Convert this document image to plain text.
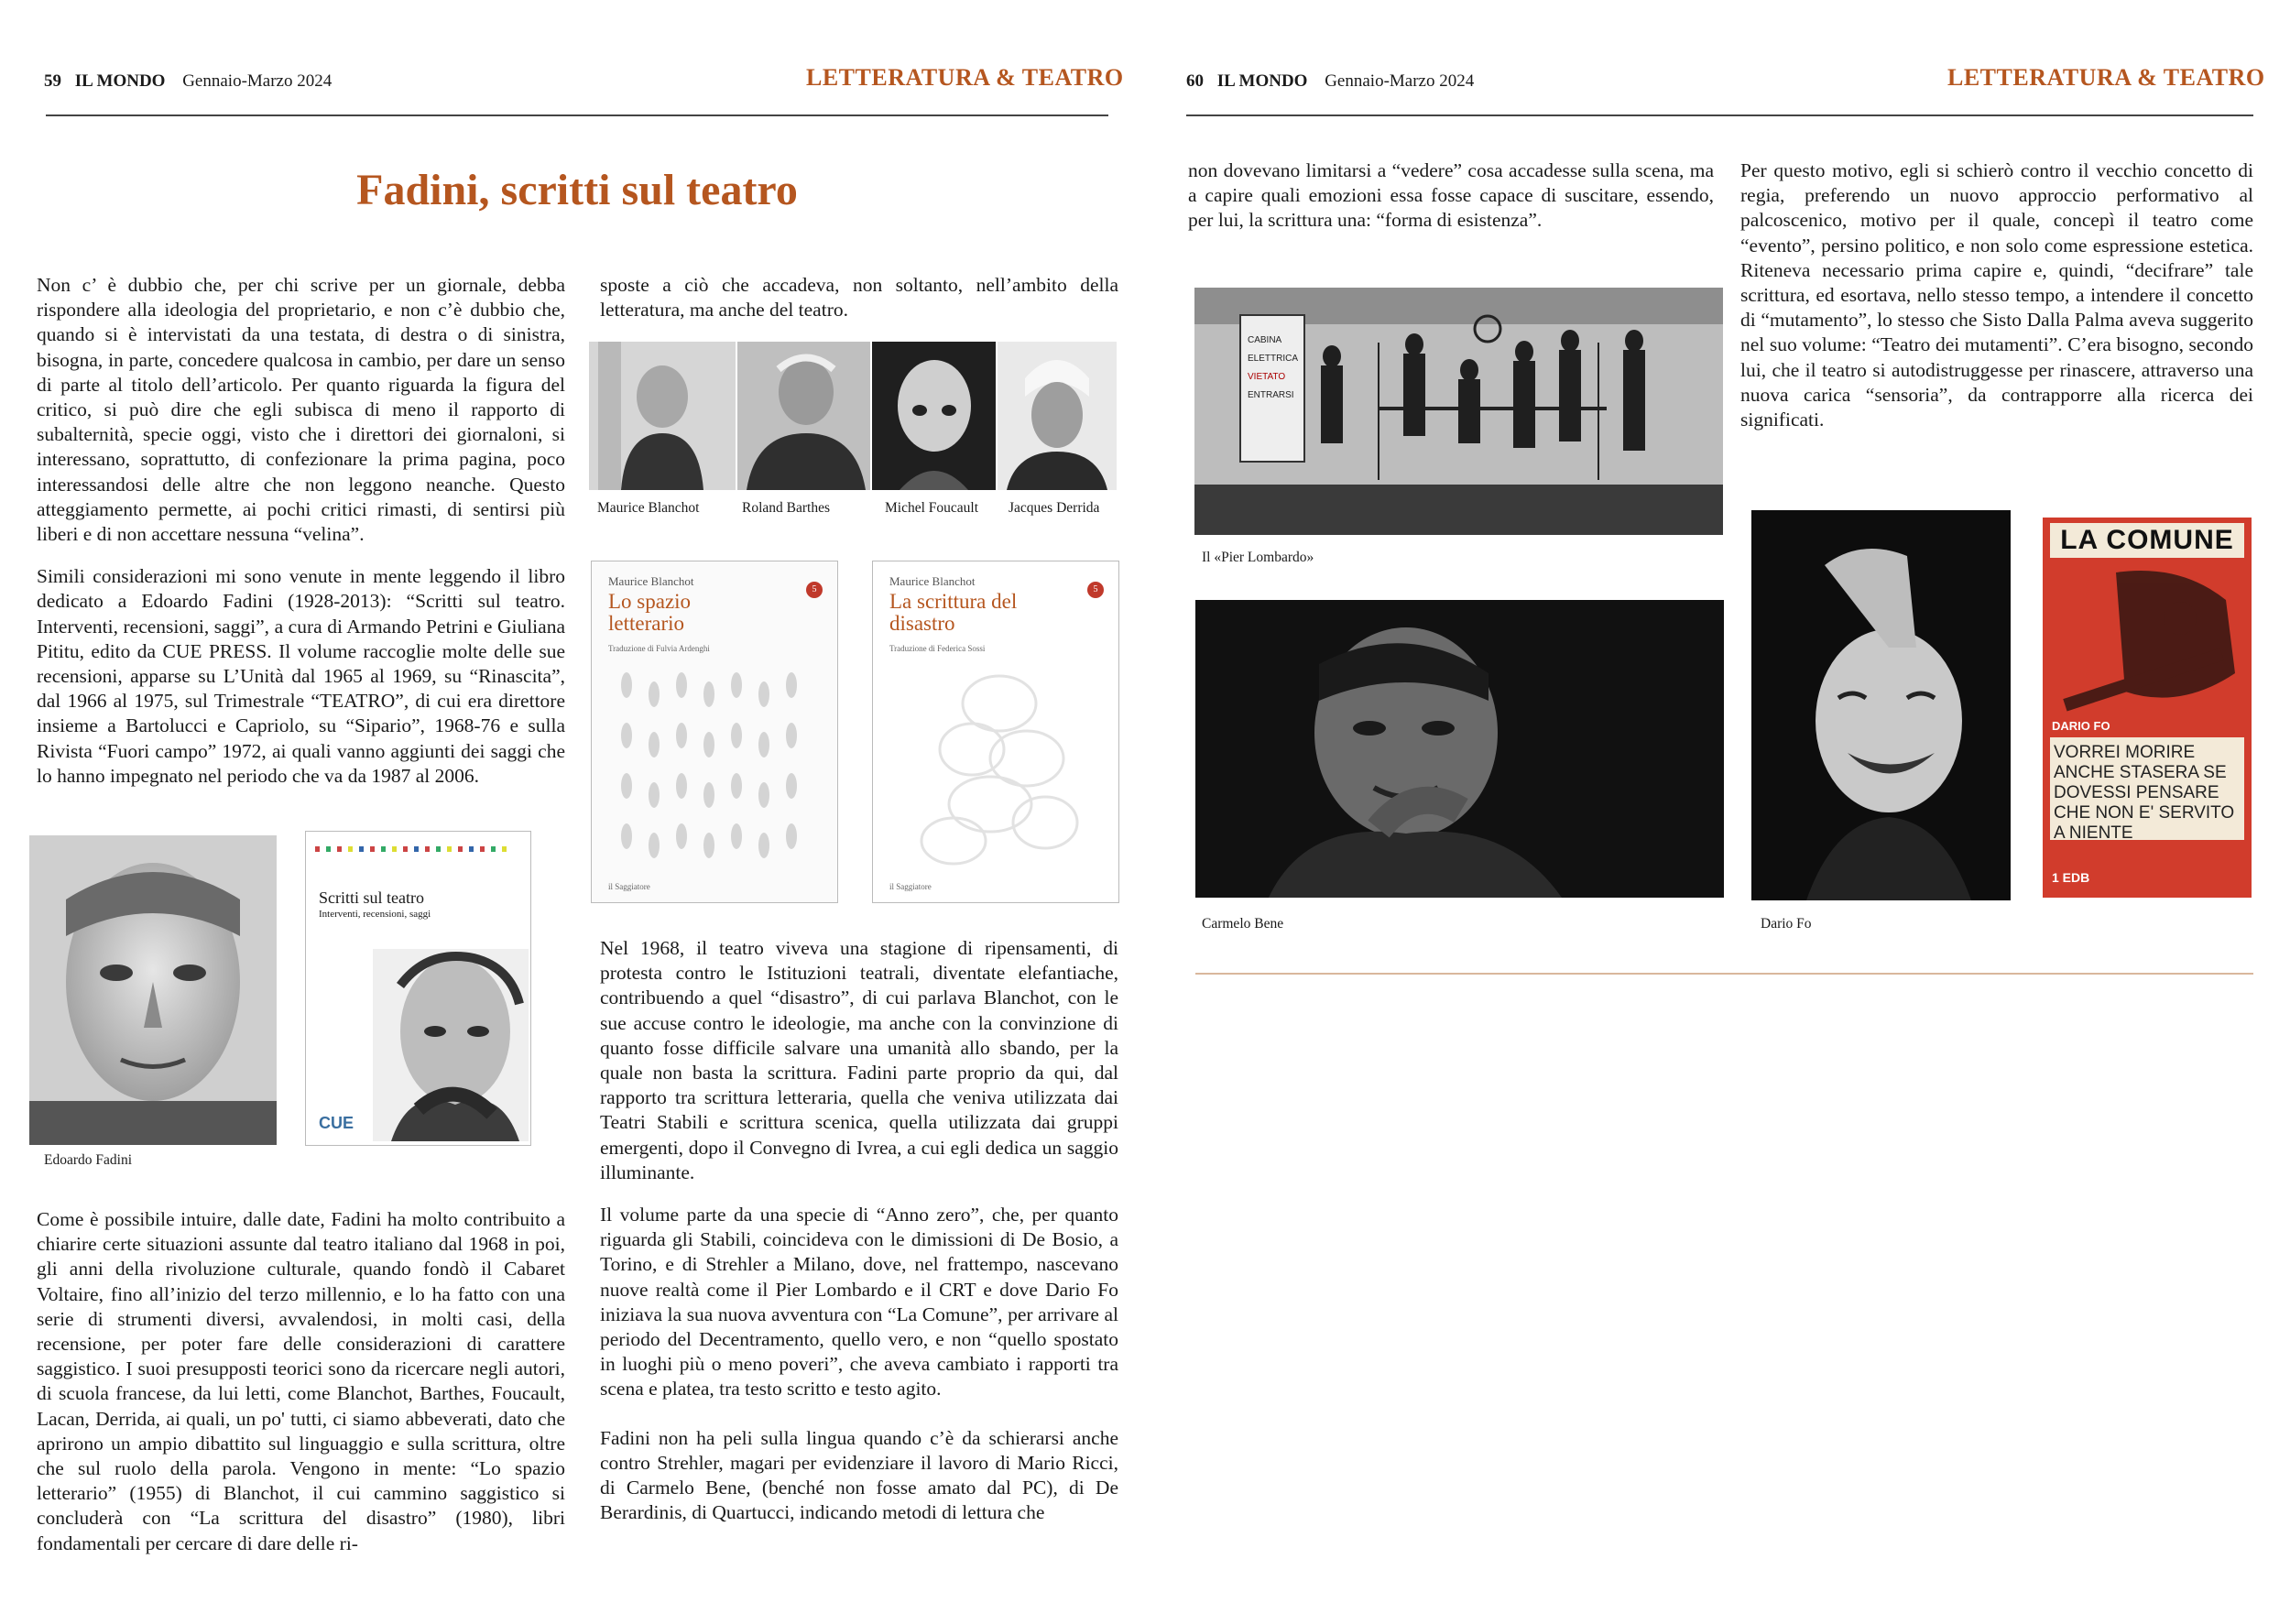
59 IL MONDO Gennaio-Marzo 2024	LETTERATURA & TEATRO
Fadini, scritti sul teatro

Non c’ è dubbio che, per chi scrive per un giornale, debba rispondere alla ideologia del proprietario, e non c’è dubbio che, quando si è intervistati da una testata, di destra o di sinistra, bisogna, in parte, concedere qualcosa in cambio, per dare un senso di parte al titolo dell’articolo. Per quanto riguarda la figura del critico, si può dire che egli subisca di meno il rapporto di subalternità, specie oggi, visto che i direttori dei giornaloni, si interessano, soprattutto, di confezionare la prima pagina, poco interessandosi delle altre che non leggono neanche. Questo atteggiamento permette, ai pochi critici rimasti, di sentirsi più liberi e di non accettare nessuna “velina”.

Simili considerazioni mi sono venute in mente leggendo il libro dedicato a Edoardo Fadini (1928-2013): “Scritti sul teatro. Interventi, recensioni, saggi”, a cura di Armando Petrini e Giuliana Pititu, edito da CUE PRESS. Il volume raccoglie molte delle sue recensioni, apparse su L’Unità dal 1965 al 1969, su “Rinascita”, dal 1966 al 1975, sul Trimestrale “TEATRO”, di cui era direttore insieme a Bartolucci e Capriolo, su “Sipario”, 1968-76 e sulla Rivista “Fuori campo” 1972, ai quali vanno aggiunti dei saggi che lo hanno impegnato nel periodo che va da 1987 al 2006.

Edoardo Fadini
Scritti sul teatro
Interventi, recensioni, saggi
CUE

Come è possibile intuire, dalle date, Fadini ha molto contribuito a chiarire certe situazioni assunte dal teatro italiano dal 1968 in poi, gli anni della rivoluzione culturale, quando fondò il Cabaret Voltaire, fino all’inizio del terzo millennio, e lo ha fatto con una serie di strumenti diversi, avvalendosi, in molti casi, della recensione, per poter fare delle considerazioni di carattere saggistico. I suoi presupposti teorici sono da ricercare negli autori, di scuola francese, da lui letti, come Blanchot, Barthes, Foucault, Lacan, Derrida, ai quali, un po' tutti, ci siamo abbeverati, dato che aprirono un ampio dibattito sul linguaggio e sulla scrittura, oltre che sul ruolo della parola. Vengono in mente: “Lo spazio letterario” (1955) di Blanchot, il cui cammino saggistico si concluderà con “La scrittura del disastro” (1980), libri fondamentali per cercare di dare delle ri-

sposte a ciò che accadeva, non soltanto, nell’ambito della letteratura, ma anche del teatro.

Maurice Blanchot	Roland Barthes	Michel Foucault Jacques Derrida
Maurice Blanchot
Lo spazio letterario
5
Traduzione di Fulvia Ardenghi
il Saggiatore
Maurice Blanchot
La scrittura del disastro
5
Traduzione di Federica Sossi
il Saggiatore

Nel 1968, il teatro viveva una stagione di ripensamenti, di protesta contro le Istituzioni teatrali, diventate elefantiache, contribuendo a quel “disastro”, di cui parlava Blanchot, con le sue accuse contro le ideologie, ma anche con la convinzione di quanto fosse difficile salvare una umanità allo sbando, per la quale non basta la scrittura. Fadini parte proprio da qui, dal rapporto tra scrittura letteraria, quella che veniva utilizzata dai Teatri Stabili e scrittura scenica, quella utilizzata dai gruppi emergenti, dopo il Convegno di Ivrea, a cui egli dedica un saggio illuminante.

Il volume parte da una specie di “Anno zero”, che, per quanto riguarda gli Stabili, coincideva con le dimissioni di De Bosio, a Torino, e di Strehler a Milano, dove, nel frattempo, nascevano nuove realtà come il Pier Lombardo e il CRT e dove Dario Fo iniziava la sua nuova avventura con “La Comune”, per arrivare al periodo del Decentramento, quello vero, e non “quello spostato in luoghi più o meno poveri”, che aveva cambiato i rapporti tra scena e platea, tra testo scritto e testo agito.

Fadini non ha peli sulla lingua quando c’è da schierarsi anche contro Strehler, magari per evidenziare il lavoro di Mario Ricci, di Carmelo Bene, (benché non fosse amato dal PC), di De Berardinis, di Quartucci, indicando metodi di lettura che

60 IL MONDO Gennaio-Marzo 2024	LETTERATURA & TEATRO

non dovevano limitarsi a “vedere” cosa accadesse sulla scena, ma a capire quali emozioni essa fosse capace di suscitare, essendo, per lui, la scrittura una: “forma di esistenza”.

CABINA
ELETTRICA
VIETATO
ENTRARSI
Il «Pier Lombardo»
Carmelo Bene

Per questo motivo, egli si schierò contro il vecchio concetto di regia, preferendo un nuovo approccio performativo al palcoscenico, motivo per il quale, concepì il teatro come “evento”, persino politico, e non solo come espressione estetica. Riteneva necessario prima capire e, quindi, “decifrare” tale scrittura, ed esortava, nello stesso tempo, a intendere il concetto di “mutamento”, lo stesso che Sisto Dalla Palma aveva suggerito nel suo volume: “Teatro dei mutamenti”. C’era bisogno, secondo lui, che il teatro si autodistruggesse per rinascere, attraverso una nuova carica “sensoria”, da contrapporre alla ricerca dei significati.

Dario Fo
LA COMUNE
DARIO FO
VORREI MORIRE ANCHE STASERA SE DOVESSI PENSARE CHE NON E' SERVITO A NIENTE
1 EDB
